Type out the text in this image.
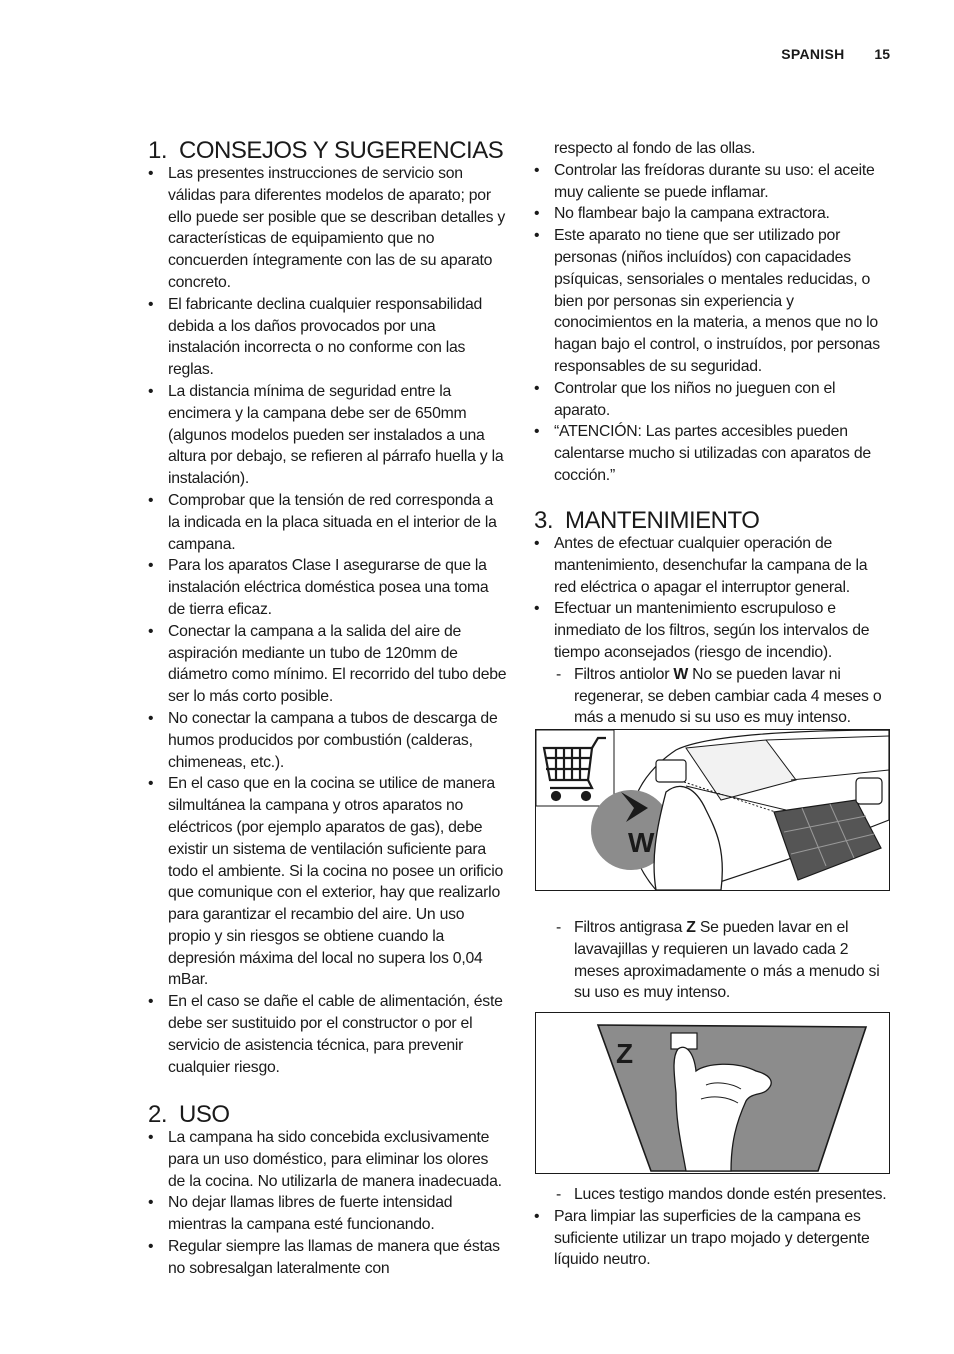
SPANISH 15
1. CONSEJOS Y SUGERENCIAS
• Las presentes instrucciones de servicio son válidas para diferentes modelos de aparato; por ello puede ser posible que se describan detalles y características de equipamiento que no concuerden íntegramente con las de su aparato concreto.
• El fabricante declina cualquier responsabilidad debida a los daños provocados por una instalación incorrecta o no conforme con las reglas.
• La distancia mínima de seguridad entre la encimera y la campana debe ser de 650mm (algunos modelos pueden ser instalados a una altura por debajo, se refieren al párrafo huella y la instalación).
• Comprobar que la tensión de red corresponda a la indicada en la placa situada en el interior de la campana.
• Para los aparatos Clase I asegurarse de que la instalación eléctrica doméstica posea una toma de tierra eficaz.
• Conectar la campana a la salida del aire de aspiración mediante un tubo de 120mm de diámetro como mínimo. El recorrido del tubo debe ser lo más corto posible.
• No conectar la campana a tubos de descarga de humos producidos por combustión (calderas, chimeneas, etc.).
• En el caso que en la cocina se utilice de manera silmultánea la campana y otros aparatos no eléctricos (por ejemplo aparatos de gas), debe existir un sistema de ventilación suficiente para todo el ambiente. Si la cocina no posee un orificio que comunique con el exterior, hay que realizarlo para garantizar el recambio del aire. Un uso propio y sin riesgos se obtiene cuando la depresión máxima del local no supera los 0,04 mBar.
• En el caso se dañe el cable de alimentación, éste debe ser sustituido por el constructor o por el servicio de asistencia técnica, para prevenir cualquier riesgo.
2. USO
• La campana ha sido concebida exclusivamente para un uso doméstico, para eliminar los olores de la cocina. No utilizarla de manera inadecuada.
• No dejar llamas libres de fuerte intensidad mientras la campana esté funcionando.
• Regular siempre las llamas de manera que éstas no sobresalgan lateralmente con
respecto al fondo de las ollas.
• Controlar las freídoras durante su uso: el aceite muy caliente se puede inflamar.
• No flambear bajo la campana extractora.
• Este aparato no tiene que ser utilizado por personas (niños incluídos) con capacidades psíquicas, sensoriales o mentales reducidas, o bien por personas sin experiencia y conocimientos en la materia, a menos que no lo hagan bajo el control, o instruídos, por personas responsables de su seguridad.
• Controlar que los niños no jueguen con el aparato.
• “ATENCIÓN: Las partes accesibles pueden calentarse mucho si utilizadas con aparatos de cocción.”
3. MANTENIMIENTO
• Antes de efectuar cualquier operación de mantenimiento, desenchufar la campana de la red eléctrica o apagar el interruptor general.
• Efectuar un mantenimiento escrupuloso e inmediato de los filtros, según los intervalos de tiempo aconsejados (riesgo de incendio).
- Filtros antiolor W No se pueden lavar ni regenerar, se deben cambiar cada 4 meses o más a menudo si su uso es muy intenso.
W
- Filtros antigrasa Z Se pueden lavar en el lavavajillas y requieren un lavado cada 2 meses aproximadamente o más a menudo si su uso es muy intenso.
Z
- Luces testigo mandos donde estén presentes.
• Para limpiar las superficies de la campana es suficiente utilizar un trapo mojado y detergente líquido neutro.
